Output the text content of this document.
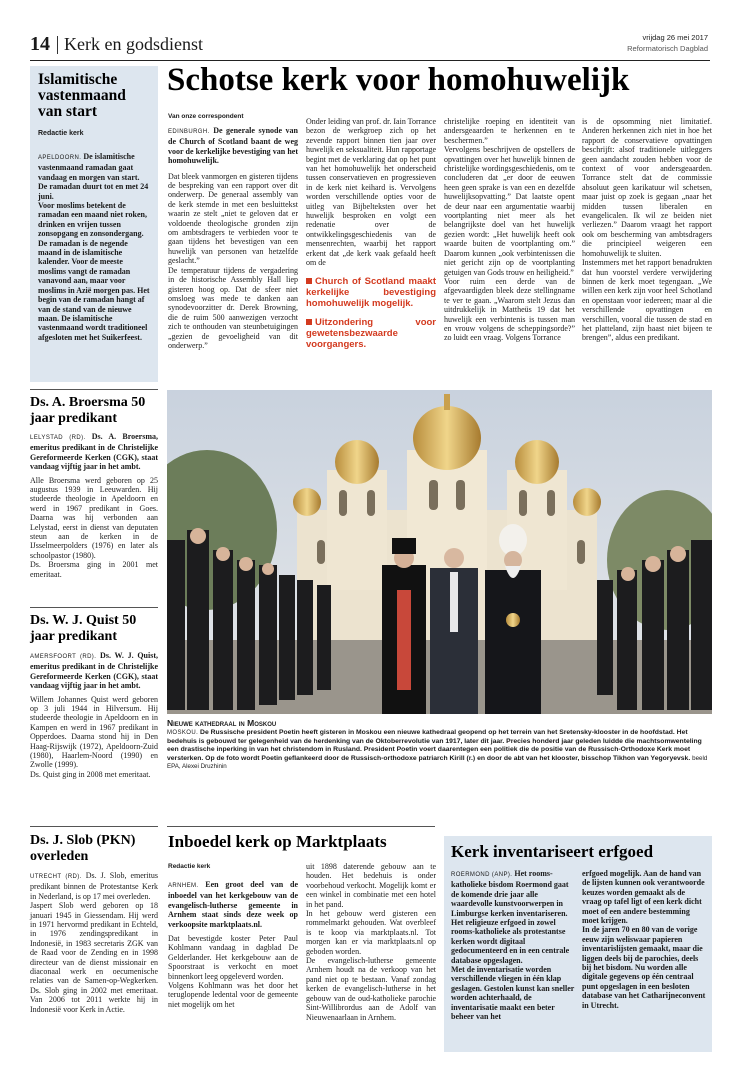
14 Kerk en godsdienst	vrijdag 26 mei 2017
Reformatorisch Dagblad
Islamitische vastenmaand van start
Redactie kerk

APELDOORN. De islamitische vastenmaand ramadan gaat vandaag en morgen van start. De ramadan duurt tot en met 24 juni.

Voor moslims betekent de ramadan een maand niet roken, drinken en vrijen tussen zonsopgang en zonsondergang.

De ramadan is de negende maand in de islamitische kalender. Voor de meeste moslims vangt de ramadan vanavond aan, maar voor moslims in Azië morgen pas. Het begin van de ramadan hangt af van de stand van de nieuwe maan. De islamitische vastenmaand wordt traditioneel afgesloten met het Suikerfeest.

Schotse kerk voor homohuwelijk
Van onze correspondent

EDINBURGH. De generale synode van de Church of Scotland baant de weg voor de kerkelijke bevestiging van het homohuwelijk.

Dat bleek vanmorgen en gisteren tijdens de bespreking van een rapport over dit onderwerp. De generaal assembly van de kerk stemde in met een besluittekst waarin ze stelt „niet te geloven dat er voldoende theologische gronden zijn om ambtsdragers te verbieden voor te gaan tijdens het bevestigen van een huwelijk van personen van hetzelfde geslacht.”
De temperatuur tijdens de vergadering in de historische Assembly Hall liep gisteren hoog op. Dat de sfeer niet omsloeg was mede te danken aan synodevoorzitter dr. Derek Browning, die de ruim 500 aanwezigen verzocht zich te onthouden van steunbetuigingen „gezien de gevoeligheid van dit onderwerp.”

Onder leiding van prof. dr. Iain Torrance bezon de werkgroep zich op het zevende rapport binnen tien jaar over huwelijk en seksualiteit. Hun rapportage begint met de verklaring dat op het punt van het homohuwelijk het onderscheid tussen conservatieven en progressieven in de kerk niet keihard is. Vervolgens worden verschillende opties voor de uitleg van Bijbelteksten over het huwelijk besproken en volgt een redenatie over de ontwikkelingsgeschiedenis van de mensenrechten, waarbij het rapport erkent dat „de kerk vaak gefaald heeft om de

Church of Scotland maakt kerkelijke bevestiging homohuwelijk mogelijk.
Uitzondering voor gewetensbezwaarde voorgangers.

christelijke roeping en identiteit van andersgeaarden te herkennen en te beschermen.”
Vervolgens beschrijven de opstellers de opvattingen over het huwelijk binnen de christelijke wordingsgeschiedenis, om te concluderen dat „er door de eeuwen heen geen sprake is van een en dezelfde huwelijksopvatting.” Dat laatste opent de deur naar een argumentatie waarbij voortplanting niet meer als het belangrijkste doel van het huwelijk gezien wordt: „Het huwelijk heeft ook waarde buiten de voortplanting om.” Daarom kunnen „ook verbintenissen die niet gericht zijn op de voortplanting getuigen van Gods trouw en heiligheid.”
Voor ruim een derde van de afgevaardigden bleek deze stellingname te ver te gaan. „Waarom stelt Jezus dan uitdrukkelijk in Mattheüs 19 dat het huwelijk een verbintenis is tussen man en vrouw volgens de scheppingsorde?” zo luidt een vraag. Volgens Torrance

is de opsomming niet limitatief. Anderen herkennen zich niet in hoe het rapport de conservatieve opvattingen beschrijft: alsof traditionele uitleggers geen aandacht zouden hebben voor de context of voor andersgeaarden. Torrance stelt dat de commissie absoluut geen karikatuur wil schetsen, maar juist op zoek is gegaan „naar het midden tussen liberalen en evangelicalen. Ik wil ze beiden niet verliezen.” Daarom vraagt het rapport ook om bescherming van ambtsdragers die principieel weigeren een homohuwelijk te sluiten.
Instemmers met het rapport benadrukten dat hun voorstel verdere verwijdering binnen de kerk moet tegengaan. „We willen een kerk zijn voor heel Schotland en openstaan voor iedereen; maar al die verschillende opvattingen en verschillen, vooral die tussen de stad en het platteland, zijn haast niet bijeen te brengen”, aldus een predikant.

Ds. A. Broersma 50 jaar predikant

LELYSTAD (RD). Ds. A. Broersma, emeritus predikant in de Christelijke Gereformeerde Kerken (CGK), staat vandaag vijftig jaar in het ambt.

Alle Broersma werd geboren op 25 augustus 1939 in Leeuwarden. Hij studeerde theologie in Apeldoorn en werd in 1967 predikant in Goes. Daarna was hij verbonden aan Lelystad, eerst in dienst van deputaten steun aan de kerken in de IJsselmeerpolders (1976) en later als schoolpastor (1980).
Ds. Broersma ging in 2001 met emeritaat.

Ds. W. J. Quist 50 jaar predikant

AMERSFOORT (RD). Ds. W. J. Quist, emeritus predikant in de Christelijke Gereformeerde Kerken (CGK), staat vandaag vijftig jaar in het ambt.

Willem Johannes Quist werd geboren op 3 juli 1944 in Hilversum. Hij studeerde theologie in Apeldoorn en in Kampen en werd in 1967 predikant in Opperdoes. Daarna stond hij in Den Haag-Rijswijk (1972), Apeldoorn-Zuid (1980), Haarlem-Noord (1990) en Zwolle (1999).
Ds. Quist ging in 2008 met emeritaat.

Ds. J. Slob (PKN) overleden

UTRECHT (RD). Ds. J. Slob, emeritus predikant binnen de Protestantse Kerk in Nederland, is op 17 mei overleden.
Jaspert Slob werd geboren op 18 januari 1945 in Giessendam. Hij werd in 1971 hervormd predikant in Echteld, in 1976 zendingspredikant in Indonesië, in 1983 secretaris ZGK van de Raad voor de Zending en in 1998 directeur van de dienst missionair en diaconaal werk en oecumenische relaties van de Samen-op-Wegkerken. Ds. Slob ging in 2002 met emeritaat. Van 2006 tot 2011 werkte hij in Indonesië voor Kerk in Actie.

Nieuwe kathedraal in Moskou
MOSKOU. De Russische president Poetin heeft gisteren in Moskou een nieuwe kathedraal geopend op het terrein van het Sretensky-klooster in de hoofdstad. Het bedehuis is gebouwd ter gelegenheid van de herdenking van de Oktoberrevolutie van 1917, later dit jaar. Precies honderd jaar geleden luidde die machtsomwenteling een drastische inperking in van het christendom in Rusland. President Poetin voert daarentegen een politiek die de positie van de Russisch-Orthodoxe Kerk moet versterken. Op de foto wordt Poetin geflankeerd door de Russisch-orthodoxe patriarch Kirill (r.) en door de abt van het klooster, bisschop Tikhon van Yegoryevsk. beeld EPA, Alexei Druzhinin
Inboedel kerk op Marktplaats
Redactie kerk

ARNHEM. Een groot deel van de inboedel van het kerkgebouw van de evangelisch-lutherse gemeente in Arnhem staat sinds deze week op verkoopsite marktplaats.nl.

Dat bevestigde koster Peter Paul Kohlmann vandaag in dagblad De Gelderlander. Het kerkgebouw aan de Spoorstraat is verkocht en moet binnenkort leeg opgeleverd worden.
Volgens Kohlmann was het door het teruglopende ledental voor de gemeente niet mogelijk om het

uit 1898 daterende gebouw aan te houden. Het bedehuis is onder voorbehoud verkocht. Mogelijk komt er een winkel in combinatie met een hotel in het pand.
In het gebouw werd gisteren een rommelmarkt gehouden. Wat overbleef is te koop via marktplaats.nl. Tot morgen kan er via marktplaats.nl op geboden worden.
De evangelisch-lutherse gemeente Arnhem houdt na de verkoop van het pand niet op te bestaan. Vanaf zondag kerken de evangelisch-lutherse in het gebouw van de oud-katholieke parochie Sint-Willibrordus aan de Adolf van Nieuwenaarlaan in Arnhem.

Kerk inventariseert erfgoed

ROERMOND (ANP). Het rooms-katholieke bisdom Roermond gaat de komende drie jaar alle waardevolle kunstvoorwerpen in Limburgse kerken inventariseren. Het religieuze erfgoed in zowel rooms-katholieke als protestantse kerken wordt digitaal gedocumenteerd en in een centrale database opgeslagen.

Met de inventarisatie worden verschillende vliegen in één klap geslagen. Gestolen kunst kan sneller worden achterhaald, de inventarisatie maakt een beter beheer van het

erfgoed mogelijk. Aan de hand van de lijsten kunnen ook verantwoorde keuzes worden gemaakt als de vraag op tafel ligt of een kerk dicht moet of een andere bestemming moet krijgen.
In de jaren 70 en 80 van de vorige eeuw zijn weliswaar papieren inventarislijsten gemaakt, maar die liggen deels bij de parochies, deels bij het bisdom. Nu worden alle digitale gegevens op één centraal punt opgeslagen in een besloten database van het Catharijneconvent in Utrecht.
